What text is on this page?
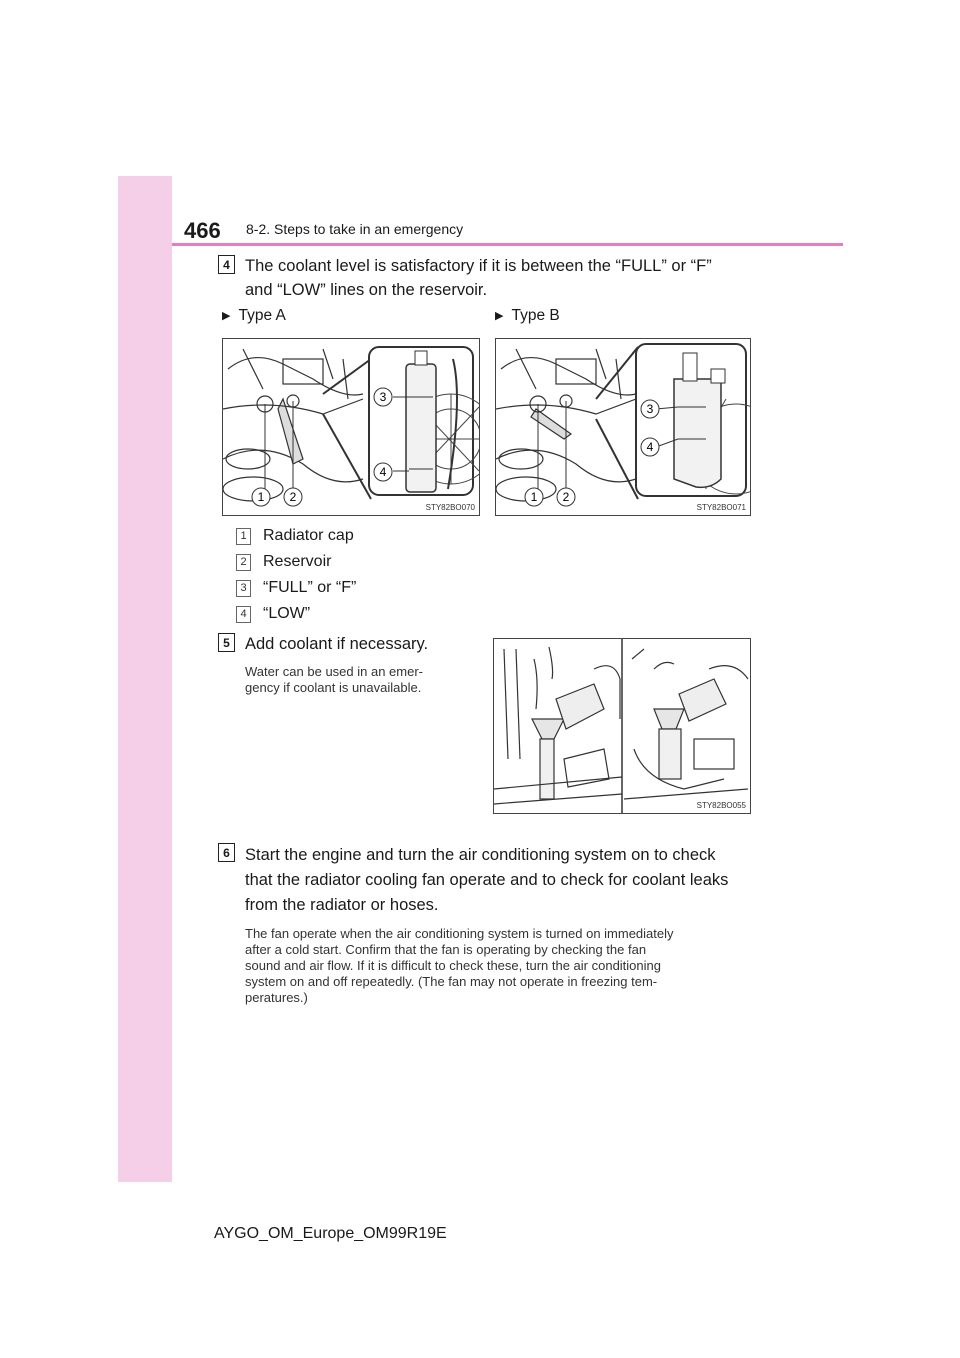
466 8-2. Steps to take in an emergency
4 The coolant level is satisfactory if it is between the “FULL” or “F”
and “LOW” lines on the reservoir.
▶ Type A	▶ Type B
3
4
1 2
STY82BO070
3
4
1 2
STY82BO071
1 Radiator cap
2 Reservoir
3 “FULL” or “F”
4 “LOW”
5 Add coolant if necessary.
Water can be used in an emer-
gency if coolant is unavailable.
STY82BO055
6 Start the engine and turn the air conditioning system on to check
that the radiator cooling fan operate and to check for coolant leaks
from the radiator or hoses.
The fan operate when the air conditioning system is turned on immediately
after a cold start. Confirm that the fan is operating by checking the fan
sound and air flow. If it is difficult to check these, turn the air conditioning
system on and off repeatedly. (The fan may not operate in freezing tem-
peratures.)
AYGO_OM_Europe_OM99R19E
